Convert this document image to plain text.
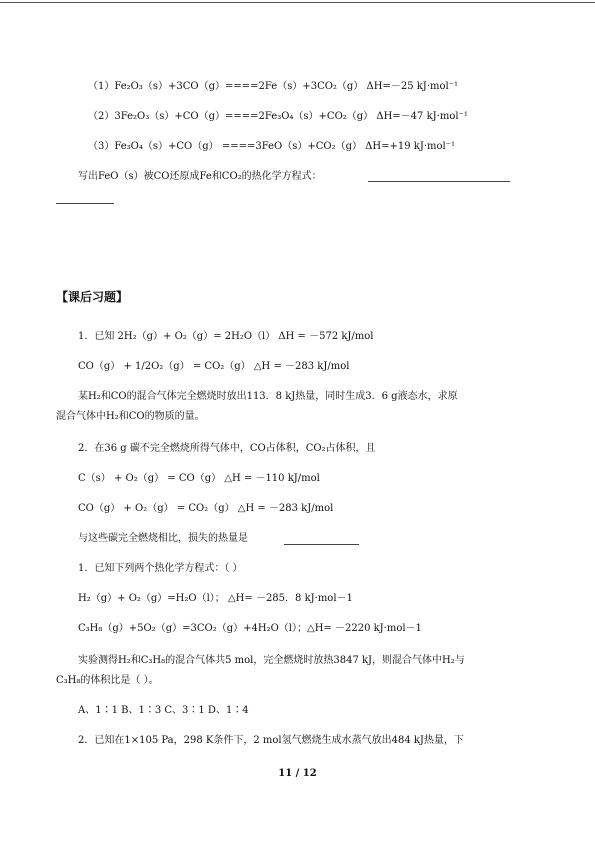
（1）Fe₂O₃（s）+3CO（g）====2Fe（s）+3CO₂（g） ΔH=－25 kJ·mol⁻¹
（2）3Fe₂O₃（s）+CO（g）====2Fe₃O₄（s）+CO₂（g） ΔH=－47 kJ·mol⁻¹
（3）Fe₃O₄（s）+CO（g） ====3FeO（s）+CO₂（g） ΔH=+19 kJ·mol⁻¹
写出FeO（s）被CO还原成Fe和CO₂的热化学方程式：
【课后习题】
1．已知 2H₂（g）+ O₂（g）= 2H₂O（l） ΔH = －572 kJ/mol
CO（g） + 1/2O₂（g） = CO₂（g） △H = －283 kJ/mol
某H₂和CO的混合气体完全燃烧时放出113．8 kJ热量，同时生成3．6 g液态水，求原
混合气体中H₂和CO的物质的量。
2．在36 g 碳不完全燃烧所得气体中，CO占体积，CO₂占体积，且
C（s） + O₂（g） = CO（g） △H = －110 kJ/mol
CO（g） + O₂（g） = CO₂（g） △H = －283 kJ/mol
与这些碳完全燃烧相比，损失的热量是
1．已知下列两个热化学方程式：（ ）
H₂（g）+ O₂（g）=H₂O（l）； △H= －285．8 kJ·mol－1
C₃H₈（g）+5O₂（g）=3CO₂（g）+4H₂O（l）；△H= －2220 kJ·mol－1
实验测得H₂和C₃H₈的混合气体共5 mol，完全燃烧时放热3847 kJ，则混合气体中H₂与
C₃H₈的体积比是（ ）。
A、1∶1 B、1∶3 C、3∶1 D、1∶4
2．已知在1×105 Pa，298 K条件下，2 mol氢气燃烧生成水蒸气放出484 kJ热量，下
11 / 12
